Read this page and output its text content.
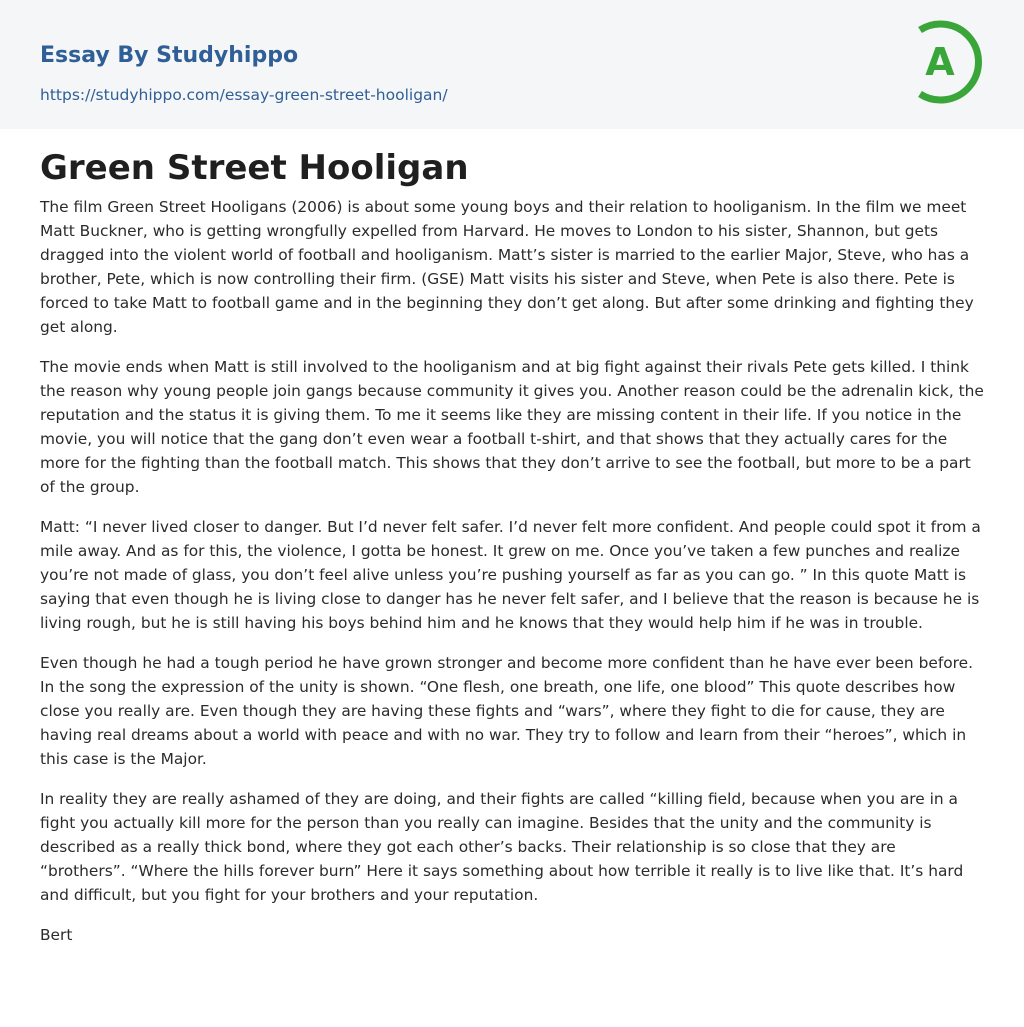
Essay By Studyhippo
https://studyhippo.com/essay-green-street-hooligan/
A
Green Street Hooligan

The film Green Street Hooligans (2006) is about some young boys and their relation to hooliganism. In the film we meet Matt Buckner, who is getting wrongfully expelled from Harvard. He moves to London to his sister, Shannon, but gets dragged into the violent world of football and hooliganism. Matt’s sister is married to the earlier Major, Steve, who has a brother, Pete, which is now controlling their firm. (GSE) Matt visits his sister and Steve, when Pete is also there. Pete is forced to take Matt to football game and in the beginning they don’t get along. But after some drinking and fighting they get along.

The movie ends when Matt is still involved to the hooliganism and at big fight against their rivals Pete gets killed. I think the reason why young people join gangs because community it gives you. Another reason could be the adrenalin kick, the reputation and the status it is giving them. To me it seems like they are missing content in their life. If you notice in the movie, you will notice that the gang don’t even wear a football t-shirt, and that shows that they actually cares for the more for the fighting than the football match. This shows that they don’t arrive to see the football, but more to be a part of the group.

Matt: “I never lived closer to danger. But I’d never felt safer. I’d never felt more confident. And people could spot it from a mile away. And as for this, the violence, I gotta be honest. It grew on me. Once you’ve taken a few punches and realize you’re not made of glass, you don’t feel alive unless you’re pushing yourself as far as you can go. ” In this quote Matt is saying that even though he is living close to danger has he never felt safer, and I believe that the reason is because he is living rough, but he is still having his boys behind him and he knows that they would help him if he was in trouble.

Even though he had a tough period he have grown stronger and become more confident than he have ever been before. In the song the expression of the unity is shown. “One flesh, one breath, one life, one blood” This quote describes how close you really are. Even though they are having these fights and “wars”, where they fight to die for cause, they are having real dreams about a world with peace and with no war. They try to follow and learn from their “heroes”, which in this case is the Major.

In reality they are really ashamed of they are doing, and their fights are called “killing field, because when you are in a fight you actually kill more for the person than you really can imagine. Besides that the unity and the community is described as a really thick bond, where they got each other’s backs. Their relationship is so close that they are “brothers”. “Where the hills forever burn” Here it says something about how terrible it really is to live like that. It’s hard and difficult, but you fight for your brothers and your reputation.

Bert
